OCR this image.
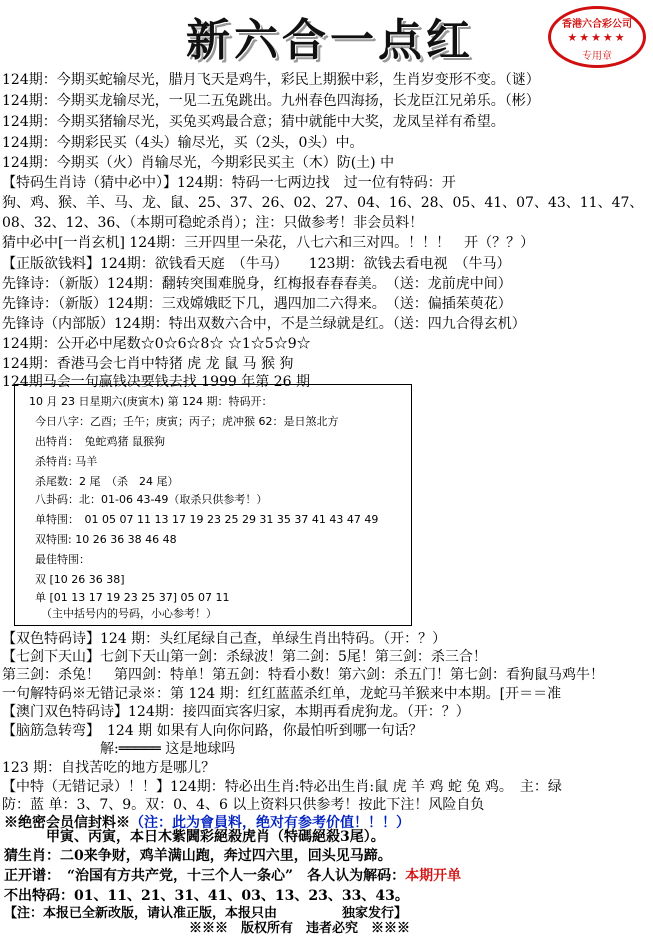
新六合一点红	香港六合彩公司
★★★★★
专用章
124期：今期买蛇输尽光，腊月飞天是鸡牛，彩民上期猴中彩，生肖岁变形不变。（谜）
124期：今期买龙输尽光，一见二五兔跳出。九州春色四海扬，长龙臣江兄弟乐。（彬）
124期：今期买猪输尽光，买兔买鸡最合意；猜中就能中大奖，龙凤呈祥有希望。
124期：今期彩民买（4头）输尽光，买（2头，0头）中。
124期：今期买（火）肖输尽光，今期彩民买主（木）防(土) 中
【特码生肖诗（猜中必中）】124期：特码一七两边找　过一位有特码：开
狗、鸡、猴、羊、马、龙、鼠、25、37、26、02、27、04、16、28、05、41、07、43、11、47、
08、32、12、36、（本期可稳蛇杀肖）；注：只做参考！非会员料！
猜中必中[一肖玄机] 124期：三开四里一朵花，八七六和三对四。！！！　开（？？）
【正版欲钱料】124期：欲钱看天庭　（牛马）　　123期：欲钱去看电视　（牛马）
先锋诗：（新版）124期：翻转突围难脱身，红梅报春春春美。　（送：龙前虎中间）
先锋诗：（新版）124期：三戏嫦娥眨下几，遇四加二六得来。　（送：偏插茱萸花）
先锋诗（内部版）124期：特出双数六合中，不是兰绿就是红。（送：四九合得玄机）
124期：公开必中尾数☆0☆6☆8☆ ☆1☆5☆9☆
124期：香港马会七肖中特猪 虎 龙 鼠 马 猴 狗
124期马会一句赢钱决要钱去找 1999 年第 26 期
10 月 23 日星期六(庚寅木) 第 124 期：特码开：
今日八字：乙酉；壬午；庚寅；丙子；虎冲猴 62：是日煞北方
出特肖：　兔蛇鸡猪 鼠猴狗
杀特肖: 马羊
杀尾数：2 尾　（杀　24 尾）
八卦码：北：01-06 43-49（取杀只供参考！）
单特围：　01 05 07 11 13 17 19 23 25 29 31 35 37 41 43 47 49
双特围: 10 26 36 38 46 48
最佳特围：
双 [10 26 36 38]
单 [01 13 17 19 23 25 37] 05 07 11
（主中括号内的号码，小心参考！）
【双色特码诗】124 期：头红尾绿自己查，单绿生肖出特码。（开：？）
【七剑下天山】七剑下天山第一剑：杀绿波！第二剑：5尾！第三剑：杀三合！
第三剑：杀兔！　第四剑：特单！第五剑：特看小数！第六剑：杀五门！第七剑：看狗鼠马鸡牛！
一句解特码※无错记录※：第 124 期：红红蓝蓝杀红单，龙蛇马羊猴来中本期。[开＝＝准
【澳门双色特码诗】124期：接四面宾客归家，本期再看虎狗龙。（开：？）
【脑筋急转弯】　124 期 如果有人向你问路，你最怕听到哪一句话？
　　　　　　　解:═════ 这是地球吗
123 期：自找苦吃的地方是哪儿？
【中特（无错记录）！！】124期：特必出生肖:特必出生肖:鼠 虎 羊 鸡 蛇 兔 鸡。　主：绿
防：蓝 单：3、7、9。双：0、4、6 以上资料只供参考！按此下注！风险自负
※绝密会员信封料※（注：此为會員料，绝对有参考价值！！！）
　　　甲寅、丙寅，本日木紫閪彩絕殺虎肖（特碼絕殺3尾）。
猜生肖：二0来争财，鸡羊满山跑，奔过四六里，回头见马蹄。
正开谱：　“治国有方共产党，十三个人一条心”　各人认为解码：本期开单
不出特码：01、11、21、31、41、03、13、23、33、43。
【注：本报已全新改版，请认准正版，本报只由　　　　　独家发行】
　　　※※※　版权所有　违者必究　※※※
